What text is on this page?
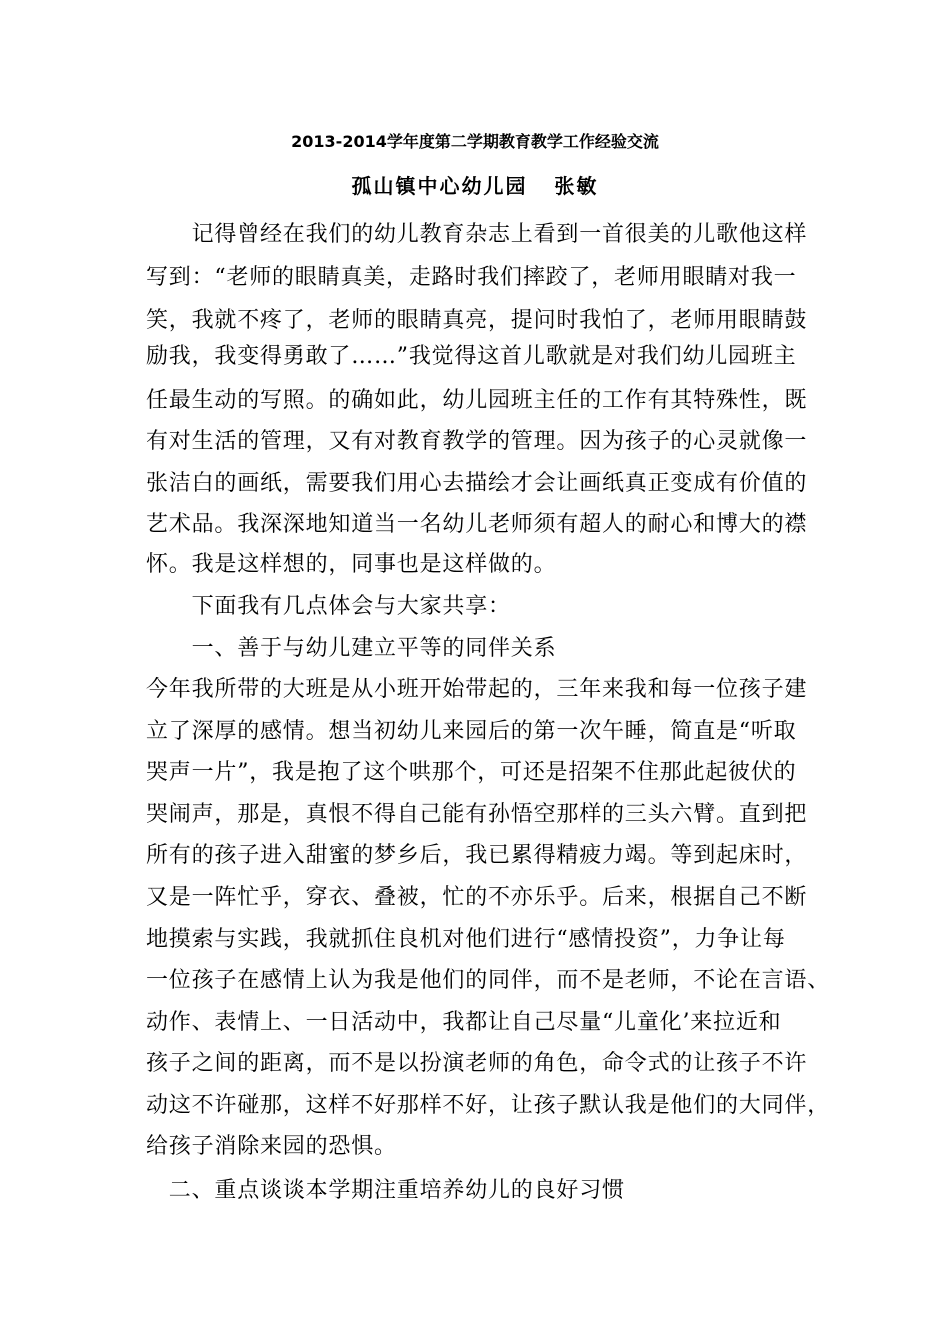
2013-2014学年度第二学期教育教学工作经验交流
孤山镇中心幼儿园   张敏
　　记得曾经在我们的幼儿教育杂志上看到一首很美的儿歌他这样
写到：“老师的眼睛真美，走路时我们摔跤了，老师用眼睛对我一
笑，我就不疼了，老师的眼睛真亮，提问时我怕了，老师用眼睛鼓
励我，我变得勇敢了……”我觉得这首儿歌就是对我们幼儿园班主
任最生动的写照。的确如此，幼儿园班主任的工作有其特殊性，既
有对生活的管理，又有对教育教学的管理。因为孩子的心灵就像一
张洁白的画纸，需要我们用心去描绘才会让画纸真正变成有价值的
艺术品。我深深地知道当一名幼儿老师须有超人的耐心和博大的襟
怀。我是这样想的，同事也是这样做的。
　　下面我有几点体会与大家共享：
　　一、善于与幼儿建立平等的同伴关系
今年我所带的大班是从小班开始带起的，三年来我和每一位孩子建
立了深厚的感情。想当初幼儿来园后的第一次午睡，简直是“听取
哭声一片”，我是抱了这个哄那个，可还是招架不住那此起彼伏的
哭闹声，那是，真恨不得自己能有孙悟空那样的三头六臂。直到把
所有的孩子进入甜蜜的梦乡后，我已累得精疲力竭。等到起床时，
又是一阵忙乎，穿衣、叠被，忙的不亦乐乎。后来，根据自己不断
地摸索与实践，我就抓住良机对他们进行“感情投资”，力争让每
一位孩子在感情上认为我是他们的同伴，而不是老师，不论在言语、
动作、表情上、一日活动中，我都让自己尽量“儿童化’来拉近和
孩子之间的距离，而不是以扮演老师的角色，命令式的让孩子不许
动这不许碰那，这样不好那样不好，让孩子默认我是他们的大同伴，
给孩子消除来园的恐惧。
　二、重点谈谈本学期注重培养幼儿的良好习惯
